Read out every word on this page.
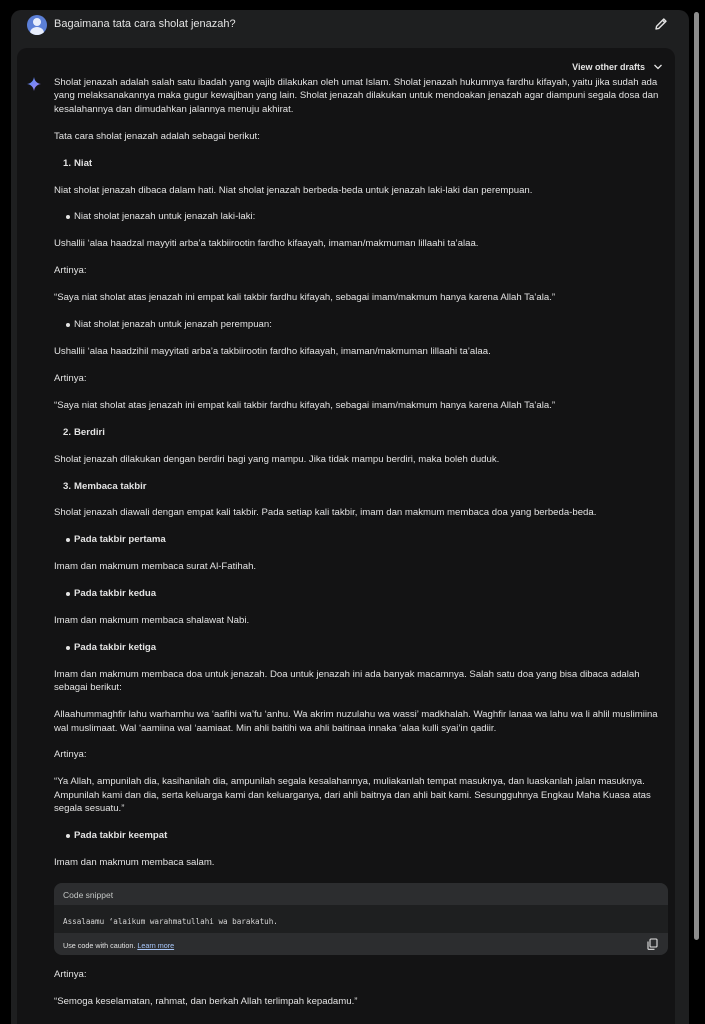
Bagaimana tata cara sholat jenazah?
View other drafts

Sholat jenazah adalah salah satu ibadah yang wajib dilakukan oleh umat Islam. Sholat jenazah hukumnya fardhu kifayah, yaitu jika sudah ada yang melaksanakannya maka gugur kewajiban yang lain. Sholat jenazah dilakukan untuk mendoakan jenazah agar diampuni segala dosa dan kesalahannya dan dimudahkan jalannya menuju akhirat.

Tata cara sholat jenazah adalah sebagai berikut:

1. Niat

Niat sholat jenazah dibaca dalam hati. Niat sholat jenazah berbeda-beda untuk jenazah laki-laki dan perempuan.

Niat sholat jenazah untuk jenazah laki-laki:

Ushallii ‘alaa haadzal mayyiti arba’a takbiirootin fardho kifaayah, imaman/makmuman lillaahi ta’alaa.

Artinya:

“Saya niat sholat atas jenazah ini empat kali takbir fardhu kifayah, sebagai imam/makmum hanya karena Allah Ta’ala.”

Niat sholat jenazah untuk jenazah perempuan:

Ushallii ‘alaa haadzihil mayyitati arba’a takbiirootin fardho kifaayah, imaman/makmuman lillaahi ta’alaa.

Artinya:

“Saya niat sholat atas jenazah ini empat kali takbir fardhu kifayah, sebagai imam/makmum hanya karena Allah Ta’ala.”

2. Berdiri

Sholat jenazah dilakukan dengan berdiri bagi yang mampu. Jika tidak mampu berdiri, maka boleh duduk.

3. Membaca takbir

Sholat jenazah diawali dengan empat kali takbir. Pada setiap kali takbir, imam dan makmum membaca doa yang berbeda-beda.

Pada takbir pertama

Imam dan makmum membaca surat Al-Fatihah.

Pada takbir kedua

Imam dan makmum membaca shalawat Nabi.

Pada takbir ketiga

Imam dan makmum membaca doa untuk jenazah. Doa untuk jenazah ini ada banyak macamnya. Salah satu doa yang bisa dibaca adalah sebagai berikut:

Allaahummaghfir lahu warhamhu wa ‘aafihi wa’fu ‘anhu. Wa akrim nuzulahu wa wassi’ madkhalah. Waghfir lanaa wa lahu wa li ahlil muslimiina wal muslimaat. Wal ‘aamiina wal ‘aamiaat. Min ahli baitihi wa ahli baitinaa innaka ‘alaa kulli syai’in qadiir.

Artinya:

“Ya Allah, ampunilah dia, kasihanilah dia, ampunilah segala kesalahannya, muliakanlah tempat masuknya, dan luaskanlah jalan masuknya. Ampunilah kami dan dia, serta keluarga kami dan keluarganya, dari ahli baitnya dan ahli bait kami. Sesungguhnya Engkau Maha Kuasa atas segala sesuatu.”

Pada takbir keempat

Imam dan makmum membaca salam.

Code snippet
Assalaamu ‘alaikum warahmatullahi wa barakatuh.
Use code with caution. Learn more

Artinya:

“Semoga keselamatan, rahmat, dan berkah Allah terlimpah kepadamu.”
